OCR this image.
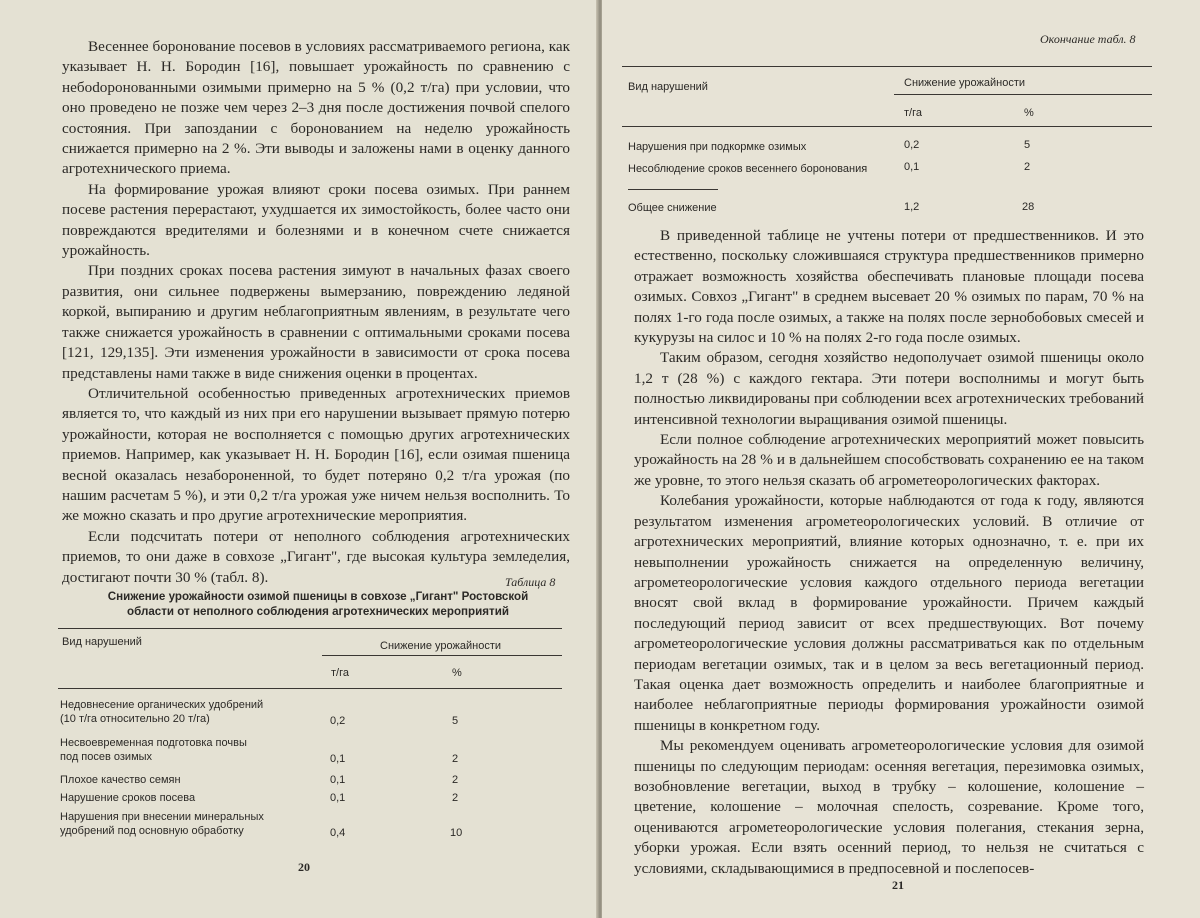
Весеннее боронование посевов в условиях рассматриваемого региона, как указывает Н. Н. Бородин [16], повышает урожайность по сравнению с небоdoронованными озимыми примерно на 5 % (0,2 т/га) при условии, что оно проведено не позже чем через 2–3 дня после достижения почвой спелого состояния. При запоздании с боронованием на неделю урожайность снижается примерно на 2 %. Эти выводы и заложены нами в оценку данного агротехнического приема.

На формирование урожая влияют сроки посева озимых. При раннем посеве растения перерастают, ухудшается их зимостойкость, более часто они повреждаются вредителями и болезнями и в конечном счете снижается урожайность.

При поздних сроках посева растения зимуют в начальных фазах своего развития, они сильнее подвержены вымерзанию, повреждению ледяной коркой, выпиранию и другим неблагоприятным явлениям, в результате чего также снижается урожайность в сравнении с оптимальными сроками посева [121, 129,135]. Эти изменения урожайности в зависимости от срока посева представлены нами также в виде снижения оценки в процентах.

Отличительной особенностью приведенных агротехнических приемов является то, что каждый из них при его нарушении вызывает прямую потерю урожайности, которая не восполняется с помощью других агротехнических приемов. Например, как указывает Н. Н. Бородин [16], если озимая пшеница весной оказалась незабороненной, то будет потеряно 0,2 т/га урожая (по нашим расчетам 5 %), и эти 0,2 т/га урожая уже ничем нельзя восполнить. То же можно сказать и про другие агротехнические мероприятия.

Если подсчитать потери от неполного соблюдения агротехнических приемов, то они даже в совхозе „Гигант", где высокая культура земледелия, достигают почти 30 % (табл. 8).	Таблица 8
Снижение урожайности озимой пшеницы в совхозе „Гигант" Ростовской области от неполного соблюдения агротехнических мероприятий
Вид нарушений	Снижение урожайности
т/га	%
Недовнесение органических удобрений
(10 т/га относительно 20 т/га)	0,2	5
Несвоевременная подготовка почвы
под посев озимых	0,1	2
Плохое качество семян	0,1	2
Нарушение сроков посева	0,1	2
Нарушения при внесении минеральных
удобрений под основную обработку	0,4	10
20
Окончание табл. 8
Вид нарушений	Снижение урожайности
т/га	%
Нарушения при подкормке озимых	0,2	5
Несоблюдение сроков весеннего боронования	0,1	2
Общее снижение	1,2	28

В приведенной таблице не учтены потери от предшественников. И это естественно, поскольку сложившаяся структура предшественников примерно отражает возможность хозяйства обеспечивать плановые площади посева озимых. Совхоз „Гигант" в среднем высевает 20 % озимых по парам, 70 % на полях 1-го года после озимых, а также на полях после зернобобовых смесей и кукурузы на силос и 10 % на полях 2-го года после озимых.

Таким образом, сегодня хозяйство недополучает озимой пшеницы около 1,2 т (28 %) с каждого гектара. Эти потери восполнимы и могут быть полностью ликвидированы при соблюдении всех агротехнических требований интенсивной технологии выращивания озимой пшеницы.

Если полное соблюдение агротехнических мероприятий может повысить урожайность на 28 % и в дальнейшем способствовать сохранению ее на таком же уровне, то этого нельзя сказать об агрометеорологических факторах.

Колебания урожайности, которые наблюдаются от года к году, являются результатом изменения агрометеорологических условий. В отличие от агротехнических мероприятий, влияние которых однозначно, т. е. при их невыполнении урожайность снижается на определенную величину, агрометеорологические условия каждого отдельного периода вегетации вносят свой вклад в формирование урожайности. Причем каждый последующий период зависит от всех предшествующих. Вот почему агрометеорологические условия должны рассматриваться как по отдельным периодам вегетации озимых, так и в целом за весь вегетационный период. Такая оценка дает возможность определить и наиболее благоприятные и наиболее неблагоприятные периоды формирования урожайности озимой пшеницы в конкретном году.

Мы рекомендуем оценивать агрометеорологические условия для озимой пшеницы по следующим периодам: осенняя вегетация, перезимовка озимых, возобновление вегетации, выход в трубку – колошение, колошение – цветение, колошение – молочная спелость, созревание. Кроме того, оцениваются агрометеорологические условия полегания, стекания зерна, уборки урожая. Если взять осенний период, то нельзя не считаться с условиями, складывающимися в предпосевной и послепосев-

21
